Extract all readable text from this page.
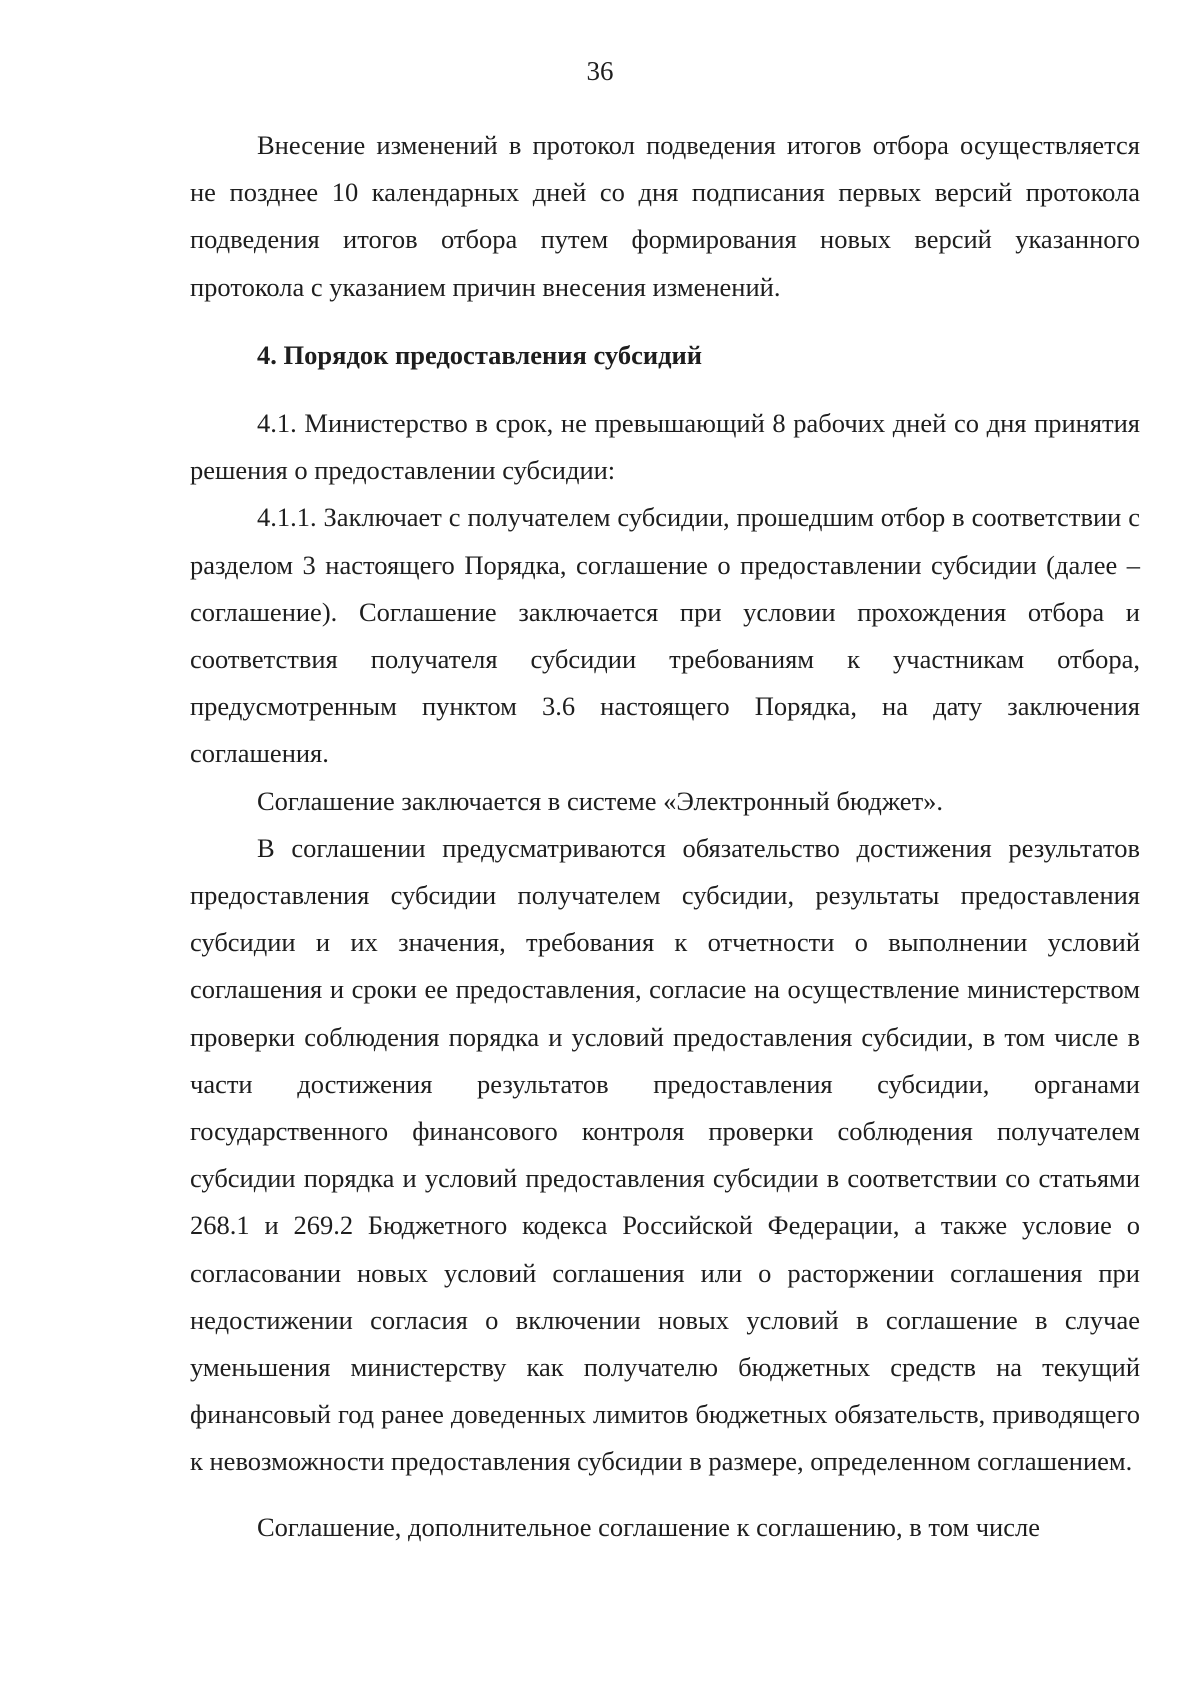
36

Внесение изменений в протокол подведения итогов отбора осуществляется не позднее 10 календарных дней со дня подписания первых версий протокола подведения итогов отбора путем формирования новых версий указанного протокола с указанием причин внесения изменений.

4. Порядок предоставления субсидий

4.1. Министерство в срок, не превышающий 8 рабочих дней со дня принятия решения о предоставлении субсидии:

4.1.1. Заключает с получателем субсидии, прошедшим отбор в соответствии с разделом 3 настоящего Порядка, соглашение о предоставлении субсидии (далее – соглашение). Соглашение заключается при условии прохождения отбора и соответствия получателя субсидии требованиям к участникам отбора, предусмотренным пунктом 3.6 настоящего Порядка, на дату заключения соглашения.

Соглашение заключается в системе «Электронный бюджет».

В соглашении предусматриваются обязательство достижения результатов предоставления субсидии получателем субсидии, результаты предоставления субсидии и их значения, требования к отчетности о выполнении условий соглашения и сроки ее предоставления, согласие на осуществление министерством проверки соблюдения порядка и условий предоставления субсидии, в том числе в части достижения результатов предоставления субсидии, органами государственного финансового контроля проверки соблюдения получателем субсидии порядка и условий предоставления субсидии в соответствии со статьями 268.1 и 269.2 Бюджетного кодекса Российской Федерации, а также условие о согласовании новых условий соглашения или о расторжении соглашения при недостижении согласия о включении новых условий в соглашение в случае уменьшения министерству как получателю бюджетных средств на текущий финансовый год ранее доведенных лимитов бюджетных обязательств, приводящего к невозможности предоставления субсидии в размере, определенном соглашением.

Соглашение, дополнительное соглашение к соглашению, в том числе
